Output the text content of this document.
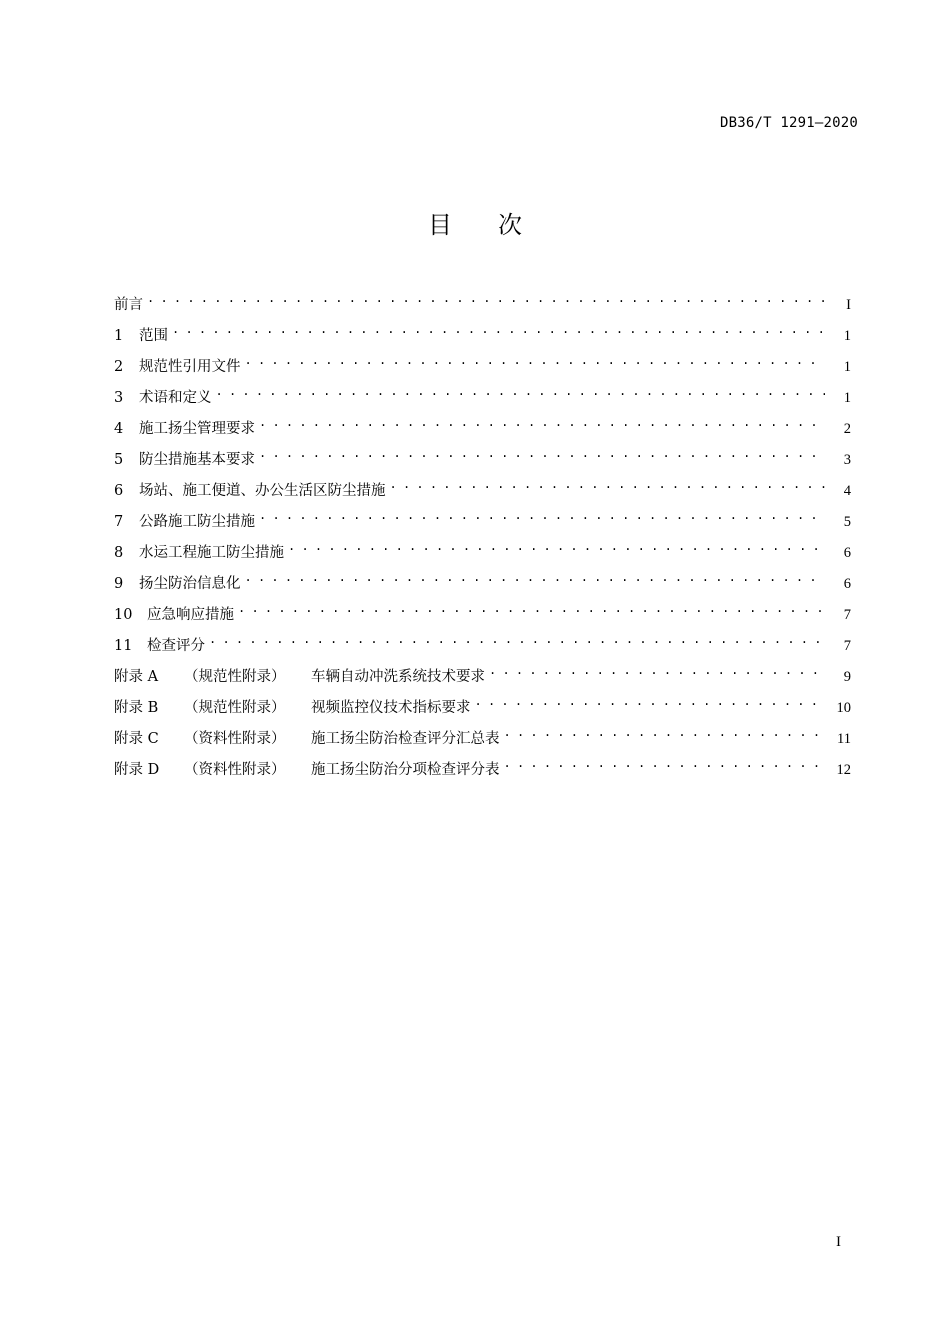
DB36/T 1291—2020
目 次
前言 . . .	I
1	范围 . . .	1
2	规范性引用文件 . . .	1
3	术语和定义 . . .	1
4	施工扬尘管理要求 . . .	2
5	防尘措施基本要求 . . .	3
6	场站、施工便道、办公生活区防尘措施 . . .	4
7	公路施工防尘措施 . . .	5
8	水运工程施工防尘措施 . . .	6
9	扬尘防治信息化 . . .	6
10	应急响应措施 . . .	7
11	检查评分 . . .	7
附录 A	（规范性附录）	车辆自动冲洗系统技术要求 . . .	9
附录 B	（规范性附录）	视频监控仪技术指标要求 . . .	10
附录 C	（资料性附录）	施工扬尘防治检查评分汇总表 . . .	11
附录 D	（资料性附录）	施工扬尘防治分项检查评分表 . . .	12
I
